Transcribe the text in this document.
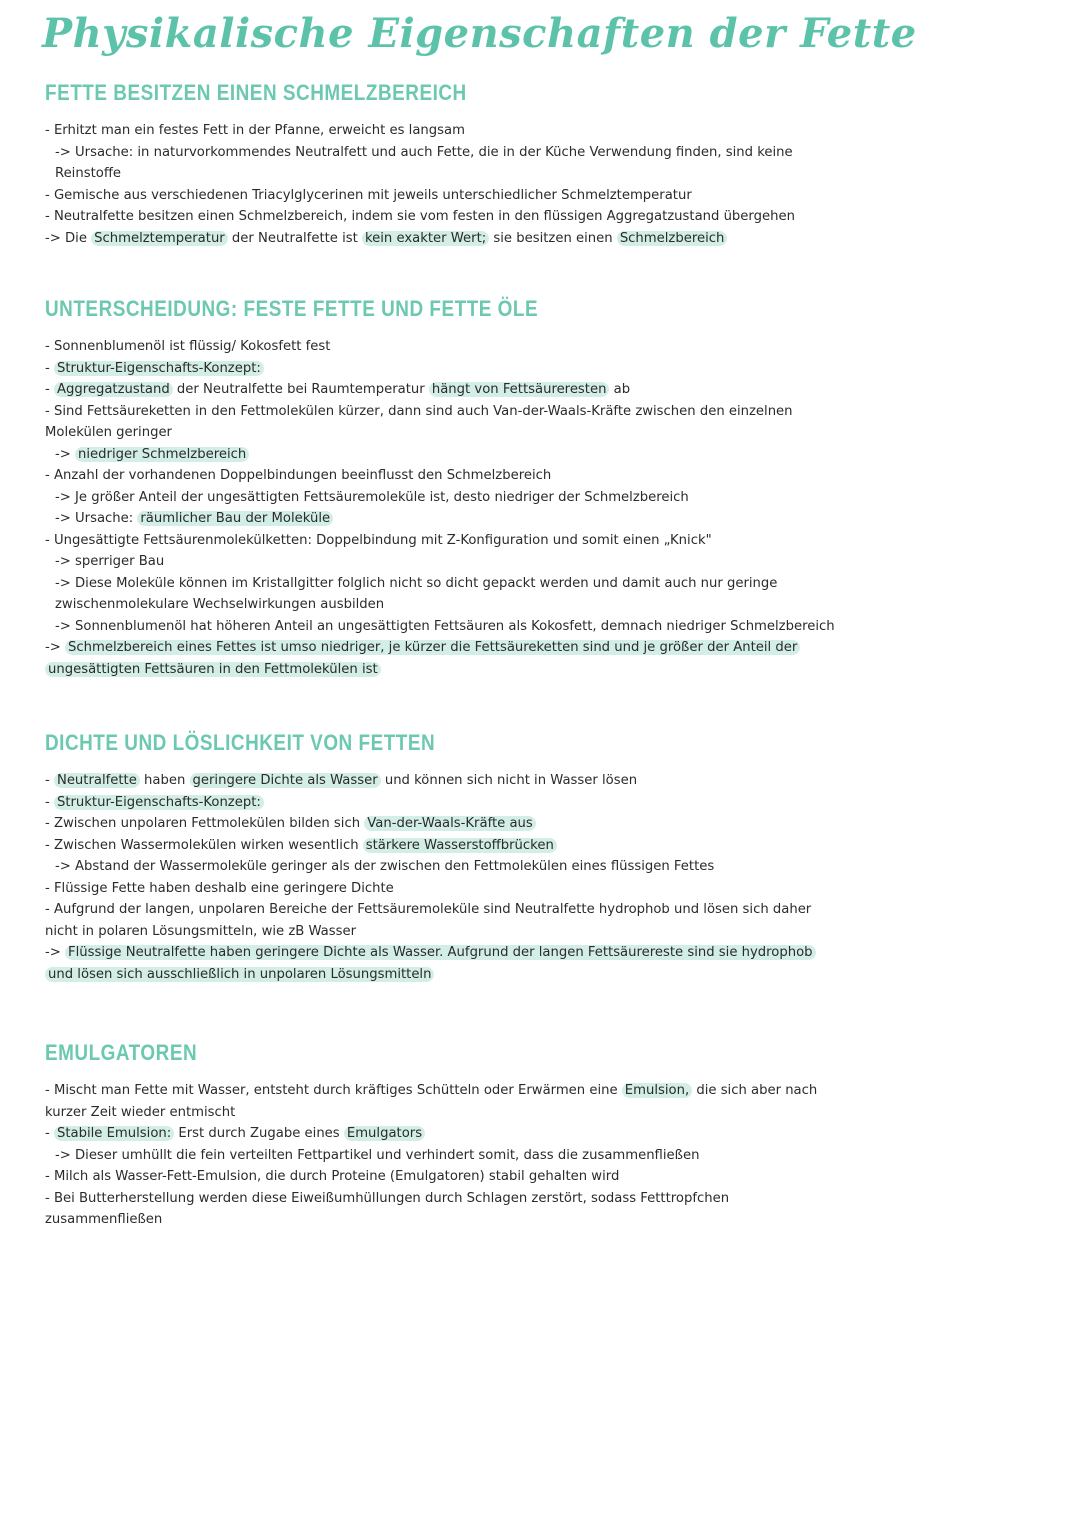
Physikalische Eigenschaften der Fette
FETTE BESITZEN EINEN SCHMELZBEREICH
- Erhitzt man ein festes Fett in der Pfanne, erweicht es langsam
-> Ursache: in naturvorkommendes Neutralfett und auch Fette, die in der Küche Verwendung finden, sind keine Reinstoffe
- Gemische aus verschiedenen Triacylglycerinen mit jeweils unterschiedlicher Schmelztemperatur
- Neutralfette besitzen einen Schmelzbereich, indem sie vom festen in den flüssigen Aggregatzustand übergehen
-> Die Schmelztemperatur der Neutralfette ist kein exakter Wert; sie besitzen einen Schmelzbereich
UNTERSCHEIDUNG: FESTE FETTE UND FETTE ÖLE
- Sonnenblumenöl ist flüssig/ Kokosfett fest
- Struktur-Eigenschafts-Konzept:
- Aggregatzustand der Neutralfette bei Raumtemperatur hängt von Fettsäureresten ab
- Sind Fettsäureketten in den Fettmolekülen kürzer, dann sind auch Van-der-Waals-Kräfte zwischen den einzelnen Molekülen geringer
-> niedriger Schmelzbereich
- Anzahl der vorhandenen Doppelbindungen beeinflusst den Schmelzbereich
-> Je größer Anteil der ungesättigten Fettsäuremoleküle ist, desto niedriger der Schmelzbereich
-> Ursache: räumlicher Bau der Moleküle
- Ungesättigte Fettsäurenmolekülketten: Doppelbindung mit Z-Konfiguration und somit einen „Knick"
-> sperriger Bau
-> Diese Moleküle können im Kristallgitter folglich nicht so dicht gepackt werden und damit auch nur geringe zwischenmolekulare Wechselwirkungen ausbilden
-> Sonnenblumenöl hat höheren Anteil an ungesättigten Fettsäuren als Kokosfett, demnach niedriger Schmelzbereich
-> Schmelzbereich eines Fettes ist umso niedriger, je kürzer die Fettsäureketten sind und je größer der Anteil der ungesättigten Fettsäuren in den Fettmolekülen ist
DICHTE UND LÖSLICHKEIT VON FETTEN
- Neutralfette haben geringere Dichte als Wasser und können sich nicht in Wasser lösen
- Struktur-Eigenschafts-Konzept:
- Zwischen unpolaren Fettmolekülen bilden sich Van-der-Waals-Kräfte aus
- Zwischen Wassermolekülen wirken wesentlich stärkere Wasserstoffbrücken
-> Abstand der Wassermoleküle geringer als der zwischen den Fettmolekülen eines flüssigen Fettes
- Flüssige Fette haben deshalb eine geringere Dichte
- Aufgrund der langen, unpolaren Bereiche der Fettsäuremoleküle sind Neutralfette hydrophob und lösen sich daher nicht in polaren Lösungsmitteln, wie zB Wasser
-> Flüssige Neutralfette haben geringere Dichte als Wasser. Aufgrund der langen Fettsäurereste sind sie hydrophob und lösen sich ausschließlich in unpolaren Lösungsmitteln
EMULGATOREN
- Mischt man Fette mit Wasser, entsteht durch kräftiges Schütteln oder Erwärmen eine Emulsion, die sich aber nach kurzer Zeit wieder entmischt
- Stabile Emulsion: Erst durch Zugabe eines Emulgators
-> Dieser umhüllt die fein verteilten Fettpartikel und verhindert somit, dass die zusammenfließen
- Milch als Wasser-Fett-Emulsion, die durch Proteine (Emulgatoren) stabil gehalten wird
- Bei Butterherstellung werden diese Eiweißumhüllungen durch Schlagen zerstört, sodass Fetttropfchen zusammenfließen
